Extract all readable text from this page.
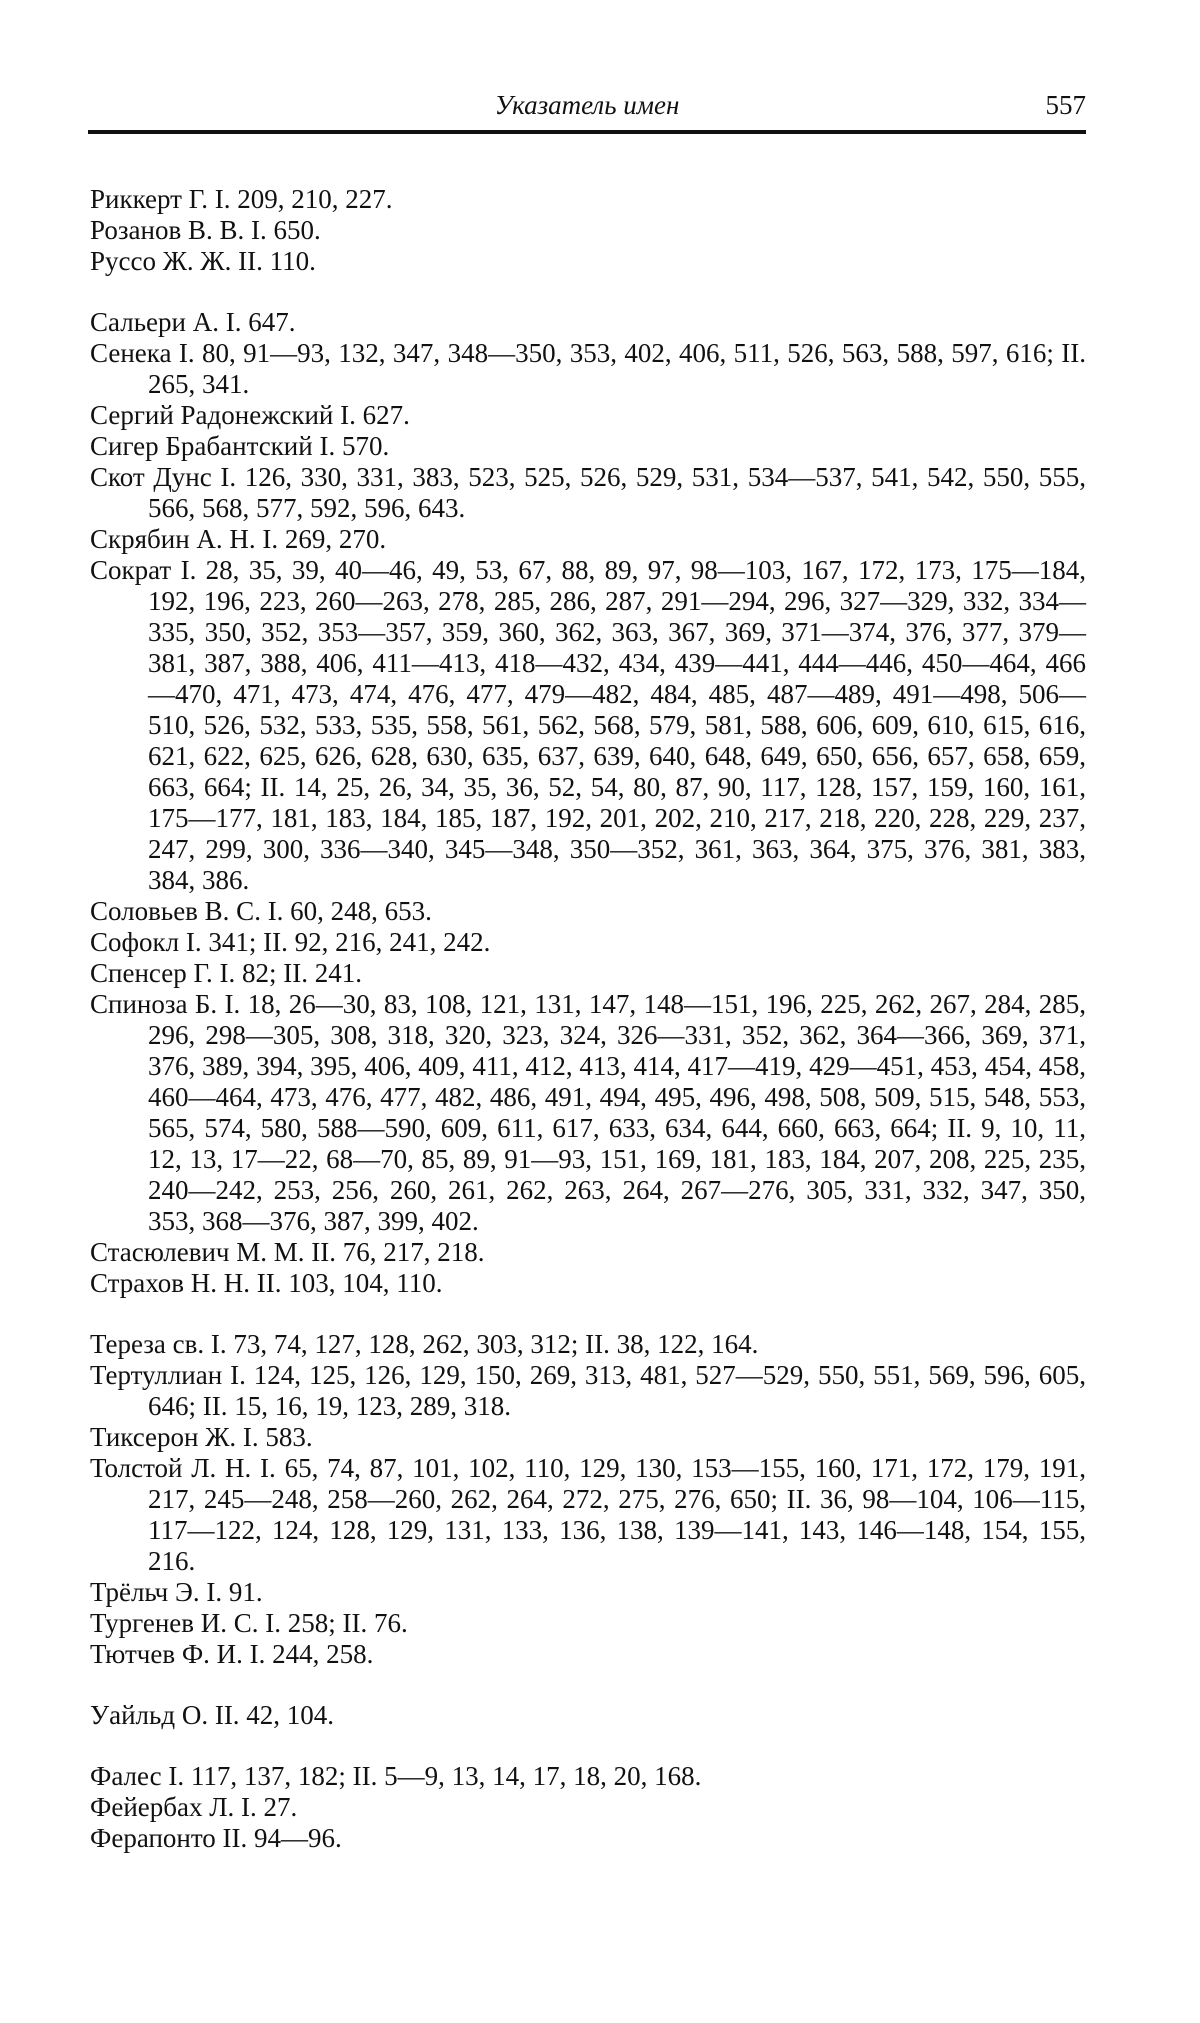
Указатель имен	557
Риккерт Г. I. 209, 210, 227.
Розанов В. В. I. 650.
Руссо Ж. Ж. II. 110.
Сальери А. I. 647.
Сенека I. 80, 91—93, 132, 347, 348—350, 353, 402, 406, 511, 526, 563, 588, 597, 616; II. 265, 341.
Сергий Радонежский I. 627.
Сигер Брабантский I. 570.
Скот Дунс I. 126, 330, 331, 383, 523, 525, 526, 529, 531, 534—537, 541, 542, 550, 555, 566, 568, 577, 592, 596, 643.
Скрябин А. Н. I. 269, 270.
Сократ I. 28, 35, 39, 40—46, 49, 53, 67, 88, 89, 97, 98—103, 167, 172, 173, 175—184, 192, 196, 223, 260—263, 278, 285, 286, 287, 291—294, 296, 327—329, 332, 334—335, 350, 352, 353—357, 359, 360, 362, 363, 367, 369, 371—374, 376, 377, 379—381, 387, 388, 406, 411—413, 418—432, 434, 439—441, 444—446, 450—464, 466—470, 471, 473, 474, 476, 477, 479—482, 484, 485, 487—489, 491—498, 506—510, 526, 532, 533, 535, 558, 561, 562, 568, 579, 581, 588, 606, 609, 610, 615, 616, 621, 622, 625, 626, 628, 630, 635, 637, 639, 640, 648, 649, 650, 656, 657, 658, 659, 663, 664; II. 14, 25, 26, 34, 35, 36, 52, 54, 80, 87, 90, 117, 128, 157, 159, 160, 161, 175—177, 181, 183, 184, 185, 187, 192, 201, 202, 210, 217, 218, 220, 228, 229, 237, 247, 299, 300, 336—340, 345—348, 350—352, 361, 363, 364, 375, 376, 381, 383, 384, 386.
Соловьев В. С. I. 60, 248, 653.
Софокл I. 341; II. 92, 216, 241, 242.
Спенсер Г. I. 82; II. 241.
Спиноза Б. I. 18, 26—30, 83, 108, 121, 131, 147, 148—151, 196, 225, 262, 267, 284, 285, 296, 298—305, 308, 318, 320, 323, 324, 326—331, 352, 362, 364—366, 369, 371, 376, 389, 394, 395, 406, 409, 411, 412, 413, 414, 417—419, 429—451, 453, 454, 458, 460—464, 473, 476, 477, 482, 486, 491, 494, 495, 496, 498, 508, 509, 515, 548, 553, 565, 574, 580, 588—590, 609, 611, 617, 633, 634, 644, 660, 663, 664; II. 9, 10, 11, 12, 13, 17—22, 68—70, 85, 89, 91—93, 151, 169, 181, 183, 184, 207, 208, 225, 235, 240—242, 253, 256, 260, 261, 262, 263, 264, 267—276, 305, 331, 332, 347, 350, 353, 368—376, 387, 399, 402.
Стасюлевич М. М. II. 76, 217, 218.
Страхов Н. Н. II. 103, 104, 110.
Тереза св. I. 73, 74, 127, 128, 262, 303, 312; II. 38, 122, 164.
Тертуллиан I. 124, 125, 126, 129, 150, 269, 313, 481, 527—529, 550, 551, 569, 596, 605, 646; II. 15, 16, 19, 123, 289, 318.
Тиксерон Ж. I. 583.
Толстой Л. Н. I. 65, 74, 87, 101, 102, 110, 129, 130, 153—155, 160, 171, 172, 179, 191, 217, 245—248, 258—260, 262, 264, 272, 275, 276, 650; II. 36, 98—104, 106—115, 117—122, 124, 128, 129, 131, 133, 136, 138, 139—141, 143, 146—148, 154, 155, 216.
Трёльч Э. I. 91.
Тургенев И. С. I. 258; II. 76.
Тютчев Ф. И. I. 244, 258.
Уайльд О. II. 42, 104.
Фалес I. 117, 137, 182; II. 5—9, 13, 14, 17, 18, 20, 168.
Фейербах Л. I. 27.
Ферапонто II. 94—96.
